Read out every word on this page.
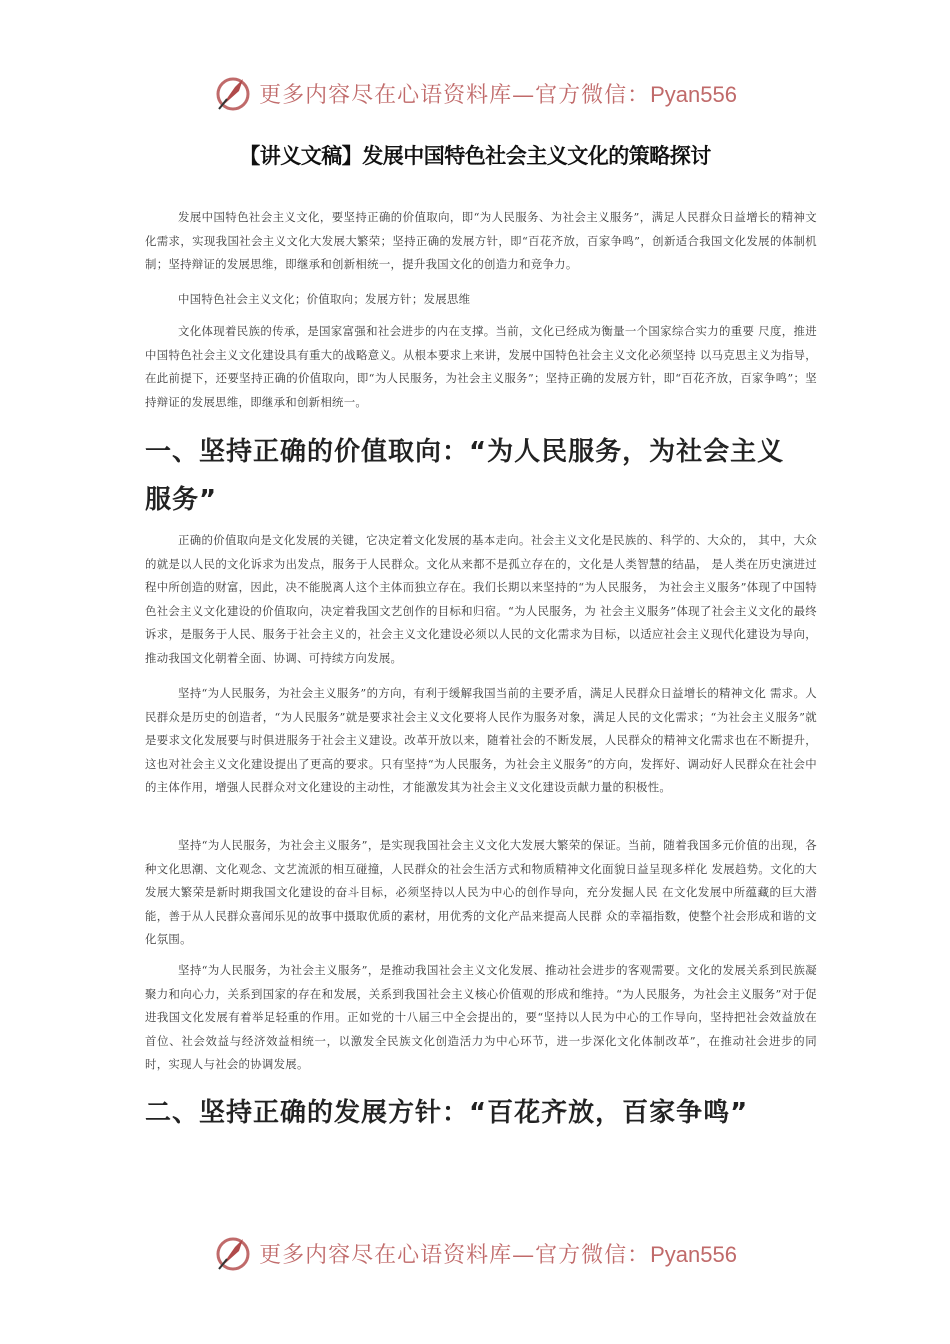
更多内容尽在心语资料库—官方微信：Pyan556
【讲义文稿】发展中国特色社会主义文化的策略探讨

发展中国特色社会主义文化，要坚持正确的价值取向，即“为人民服务、为社会主义服务”，满足人民群众日益增长的精神文化需求，实现我国社会主义文化大发展大繁荣；坚持正确的发展方针，即“百花齐放，百家争鸣”，创新适合我国文化发展的体制机制；坚持辩证的发展思维，即继承和创新相统一，提升我国文化的创造力和竞争力。

中国特色社会主义文化；价值取向；发展方针；发展思维

文化体现着民族的传承，是国家富强和社会进步的内在支撑。当前，文化已经成为衡量一个国家综合实力的重要 尺度，推进中国特色社会主义文化建设具有重大的战略意义。从根本要求上来讲，发展中国特色社会主义文化必须坚持 以马克思主义为指导，在此前提下，还要坚持正确的价值取向，即“为人民服务，为社会主义服务”；坚持正确的发展方针，即“百花齐放，百家争鸣”；坚持辩证的发展思维，即继承和创新相统一。

一、坚持正确的价值取向：“为人民服务，为社会主义服务”

正确的价值取向是文化发展的关键，它决定着文化发展的基本走向。社会主义文化是民族的、科学的、大众的， 其中，大众的就是以人民的文化诉求为出发点，服务于人民群众。文化从来都不是孤立存在的，文化是人类智慧的结晶， 是人类在历史演进过程中所创造的财富，因此，决不能脱离人这个主体而独立存在。我们长期以来坚持的“为人民服务， 为社会主义服务”体现了中国特色社会主义文化建设的价值取向，决定着我国文艺创作的目标和归宿。“为人民服务，为 社会主义服务”体现了社会主义文化的最终诉求，是服务于人民、服务于社会主义的，社会主义文化建设必须以人民的文化需求为目标，以适应社会主义现代化建设为导向，推动我国文化朝着全面、协调、可持续方向发展。

坚持“为人民服务，为社会主义服务”的方向，有利于缓解我国当前的主要矛盾，满足人民群众日益增长的精神文化 需求。人民群众是历史的创造者，“为人民服务”就是要求社会主义文化要将人民作为服务对象，满足人民的文化需求；“为社会主义服务”就是要求文化发展要与时俱进服务于社会主义建设。改革开放以来，随着社会的不断发展，人民群众的精神文化需求也在不断提升，这也对社会主义文化建设提出了更高的要求。只有坚持“为人民服务，为社会主义服务”的方向，发挥好、调动好人民群众在社会中的主体作用，增强人民群众对文化建设的主动性，才能激发其为社会主义文化建设贡献力量的积极性。

坚持“为人民服务，为社会主义服务”，是实现我国社会主义文化大发展大繁荣的保证。当前，随着我国多元价值的出现，各种文化思潮、文化观念、文艺流派的相互碰撞，人民群众的社会生活方式和物质精神文化面貌日益呈现多样化 发展趋势。文化的大发展大繁荣是新时期我国文化建设的奋斗目标，必须坚持以人民为中心的创作导向，充分发掘人民 在文化发展中所蕴藏的巨大潜能，善于从人民群众喜闻乐见的故事中摄取优质的素材，用优秀的文化产品来提高人民群 众的幸福指数，使整个社会形成和谐的文化氛围。

坚持“为人民服务，为社会主义服务”，是推动我国社会主义文化发展、推动社会进步的客观需要。文化的发展关系到民族凝聚力和向心力，关系到国家的存在和发展，关系到我国社会主义核心价值观的形成和维持。“为人民服务，为社会主义服务”对于促进我国文化发展有着举足轻重的作用。正如党的十八届三中全会提出的，要“坚持以人民为中心的工作导向，坚持把社会效益放在首位、社会效益与经济效益相统一，以激发全民族文化创造活力为中心环节，进一步深化文化体制改革”，在推动社会进步的同时，实现人与社会的协调发展。

二、坚持正确的发展方针：“百花齐放，百家争鸣”
更多内容尽在心语资料库—官方微信：Pyan556
